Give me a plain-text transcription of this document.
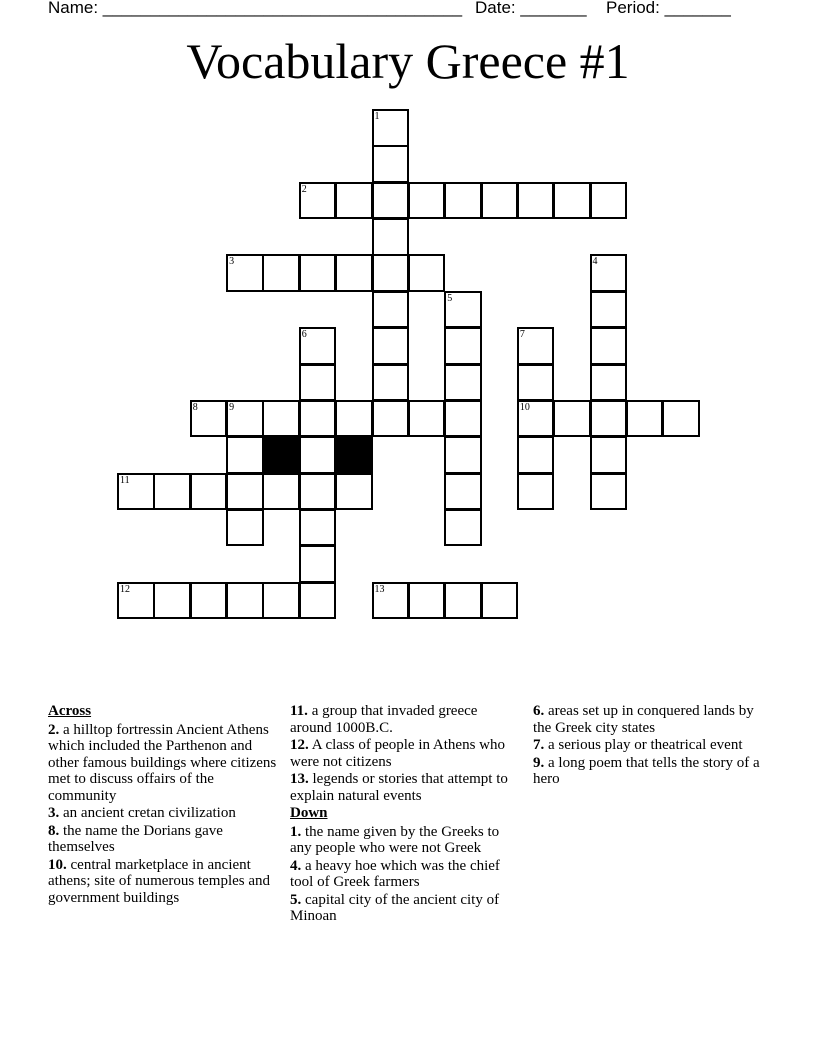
Name: ______________________________________ Date: _______ Period: _______
Vocabulary Greece #1
1
2
3	4
5
6	7
10
8	9
11
12	13
Across
2. a hilltop fortressin Ancient Athens which included the Parthenon and other famous buildings where citizens met to discuss offairs of the community
3. an ancient cretan civilization
8. the name the Dorians gave themselves
10. central marketplace in ancient athens; site of numerous temples and government buildings
11. a group that invaded greece around 1000B.C.
12. A class of people in Athens who were not citizens
13. legends or stories that attempt to explain natural events
Down
1. the name given by the Greeks to any people who were not Greek
4. a heavy hoe which was the chief tool of Greek farmers
5. capital city of the ancient city of Minoan
6. areas set up in conquered lands by the Greek city states
7. a serious play or theatrical event
9. a long poem that tells the story of a hero
